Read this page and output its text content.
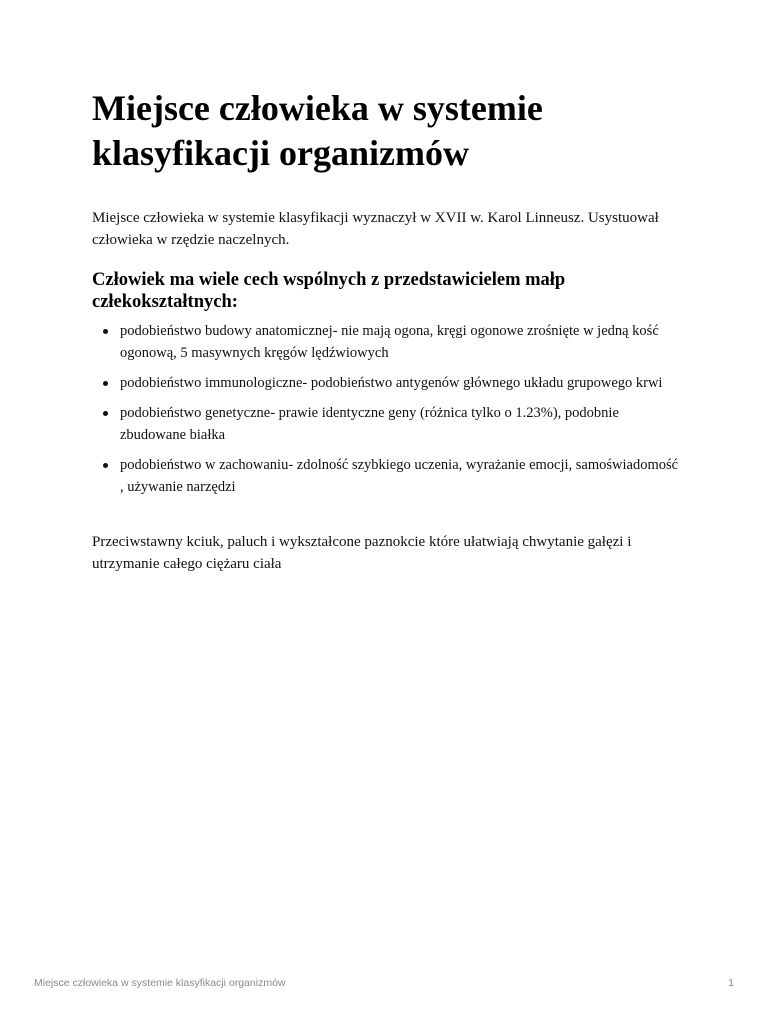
Miejsce człowieka w systemie klasyfikacji organizmów

Miejsce człowieka w systemie klasyfikacji wyznaczył w XVII w. Karol Linneusz. Usystuował człowieka w rzędzie naczelnych.

Człowiek ma wiele cech wspólnych z przedstawicielem małp człekokształtnych:
podobieństwo budowy anatomicznej- nie mają ogona, kręgi ogonowe zrośnięte w jedną kość ogonową, 5 masywnych kręgów lędźwiowych
podobieństwo immunologiczne- podobieństwo antygenów głównego układu grupowego krwi
podobieństwo genetyczne- prawie identyczne geny (różnica tylko o 1.23%), podobnie zbudowane białka
podobieństwo w zachowaniu- zdolność szybkiego uczenia, wyrażanie emocji, samoświadomość , używanie narzędzi

Przeciwstawny kciuk, paluch i wykształcone paznokcie które ułatwiają chwytanie gałęzi i utrzymanie całego ciężaru ciała

Miejsce człowieka w systemie klasyfikacji organizmów	1
